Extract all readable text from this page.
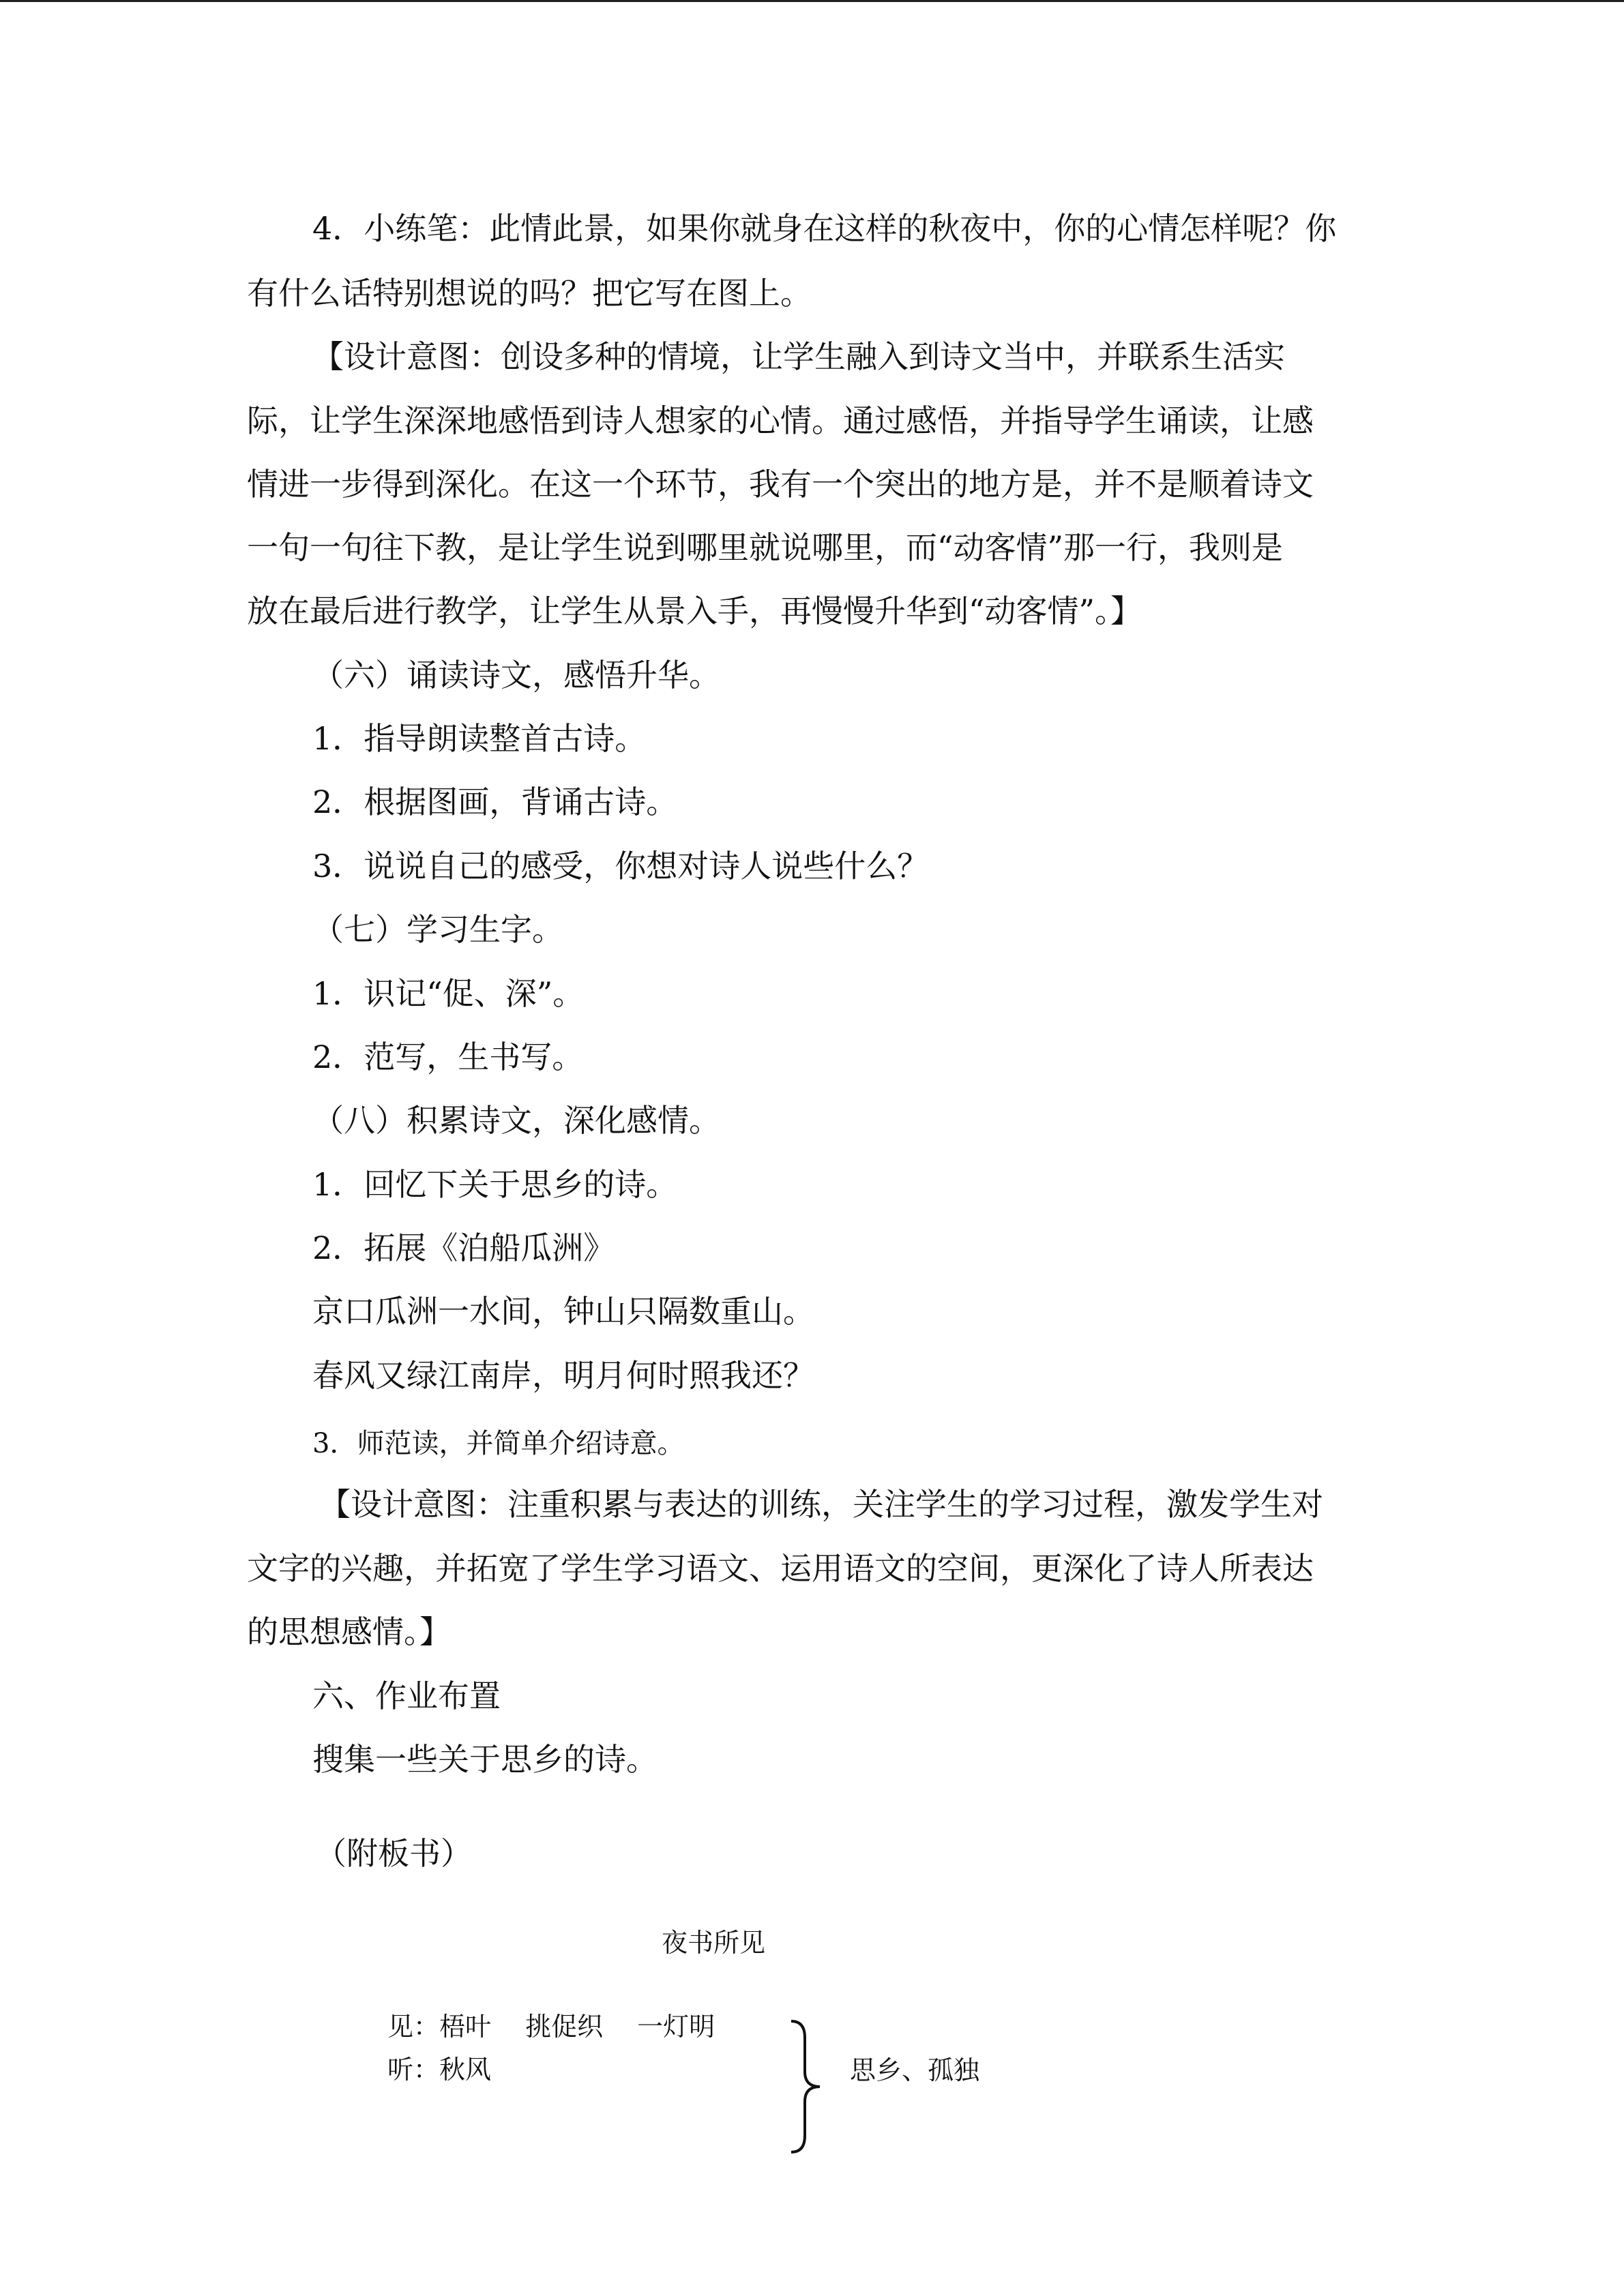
4．小练笔：此情此景，如果你就身在这样的秋夜中，你的心情怎样呢？你

有什么话特别想说的吗？把它写在图上。

【设计意图：创设多种的情境，让学生融入到诗文当中，并联系生活实

际，让学生深深地感悟到诗人想家的心情。通过感悟，并指导学生诵读，让感

情进一步得到深化。在这一个环节，我有一个突出的地方是，并不是顺着诗文

一句一句往下教，是让学生说到哪里就说哪里，而“动客情”那一行，我则是

放在最后进行教学，让学生从景入手，再慢慢升华到“动客情”。】

（六）诵读诗文，感悟升华。

1．指导朗读整首古诗。

2．根据图画，背诵古诗。

3．说说自己的感受，你想对诗人说些什么？

（七）学习生字。

1．识记“促、深”。

2．范写，生书写。

（八）积累诗文，深化感情。

1．回忆下关于思乡的诗。

2．拓展《泊船瓜洲》

京口瓜洲一水间，钟山只隔数重山。

春风又绿江南岸，明月何时照我还？

3．师范读，并简单介绍诗意。

【设计意图：注重积累与表达的训练，关注学生的学习过程，激发学生对

文字的兴趣，并拓宽了学生学习语文、运用语文的空间，更深化了诗人所表达

的思想感情。】

六、作业布置

搜集一些关于思乡的诗。

（附板书）

夜书所见

见：梧叶　 挑促织　 一灯明

听：秋风	思乡、孤独
